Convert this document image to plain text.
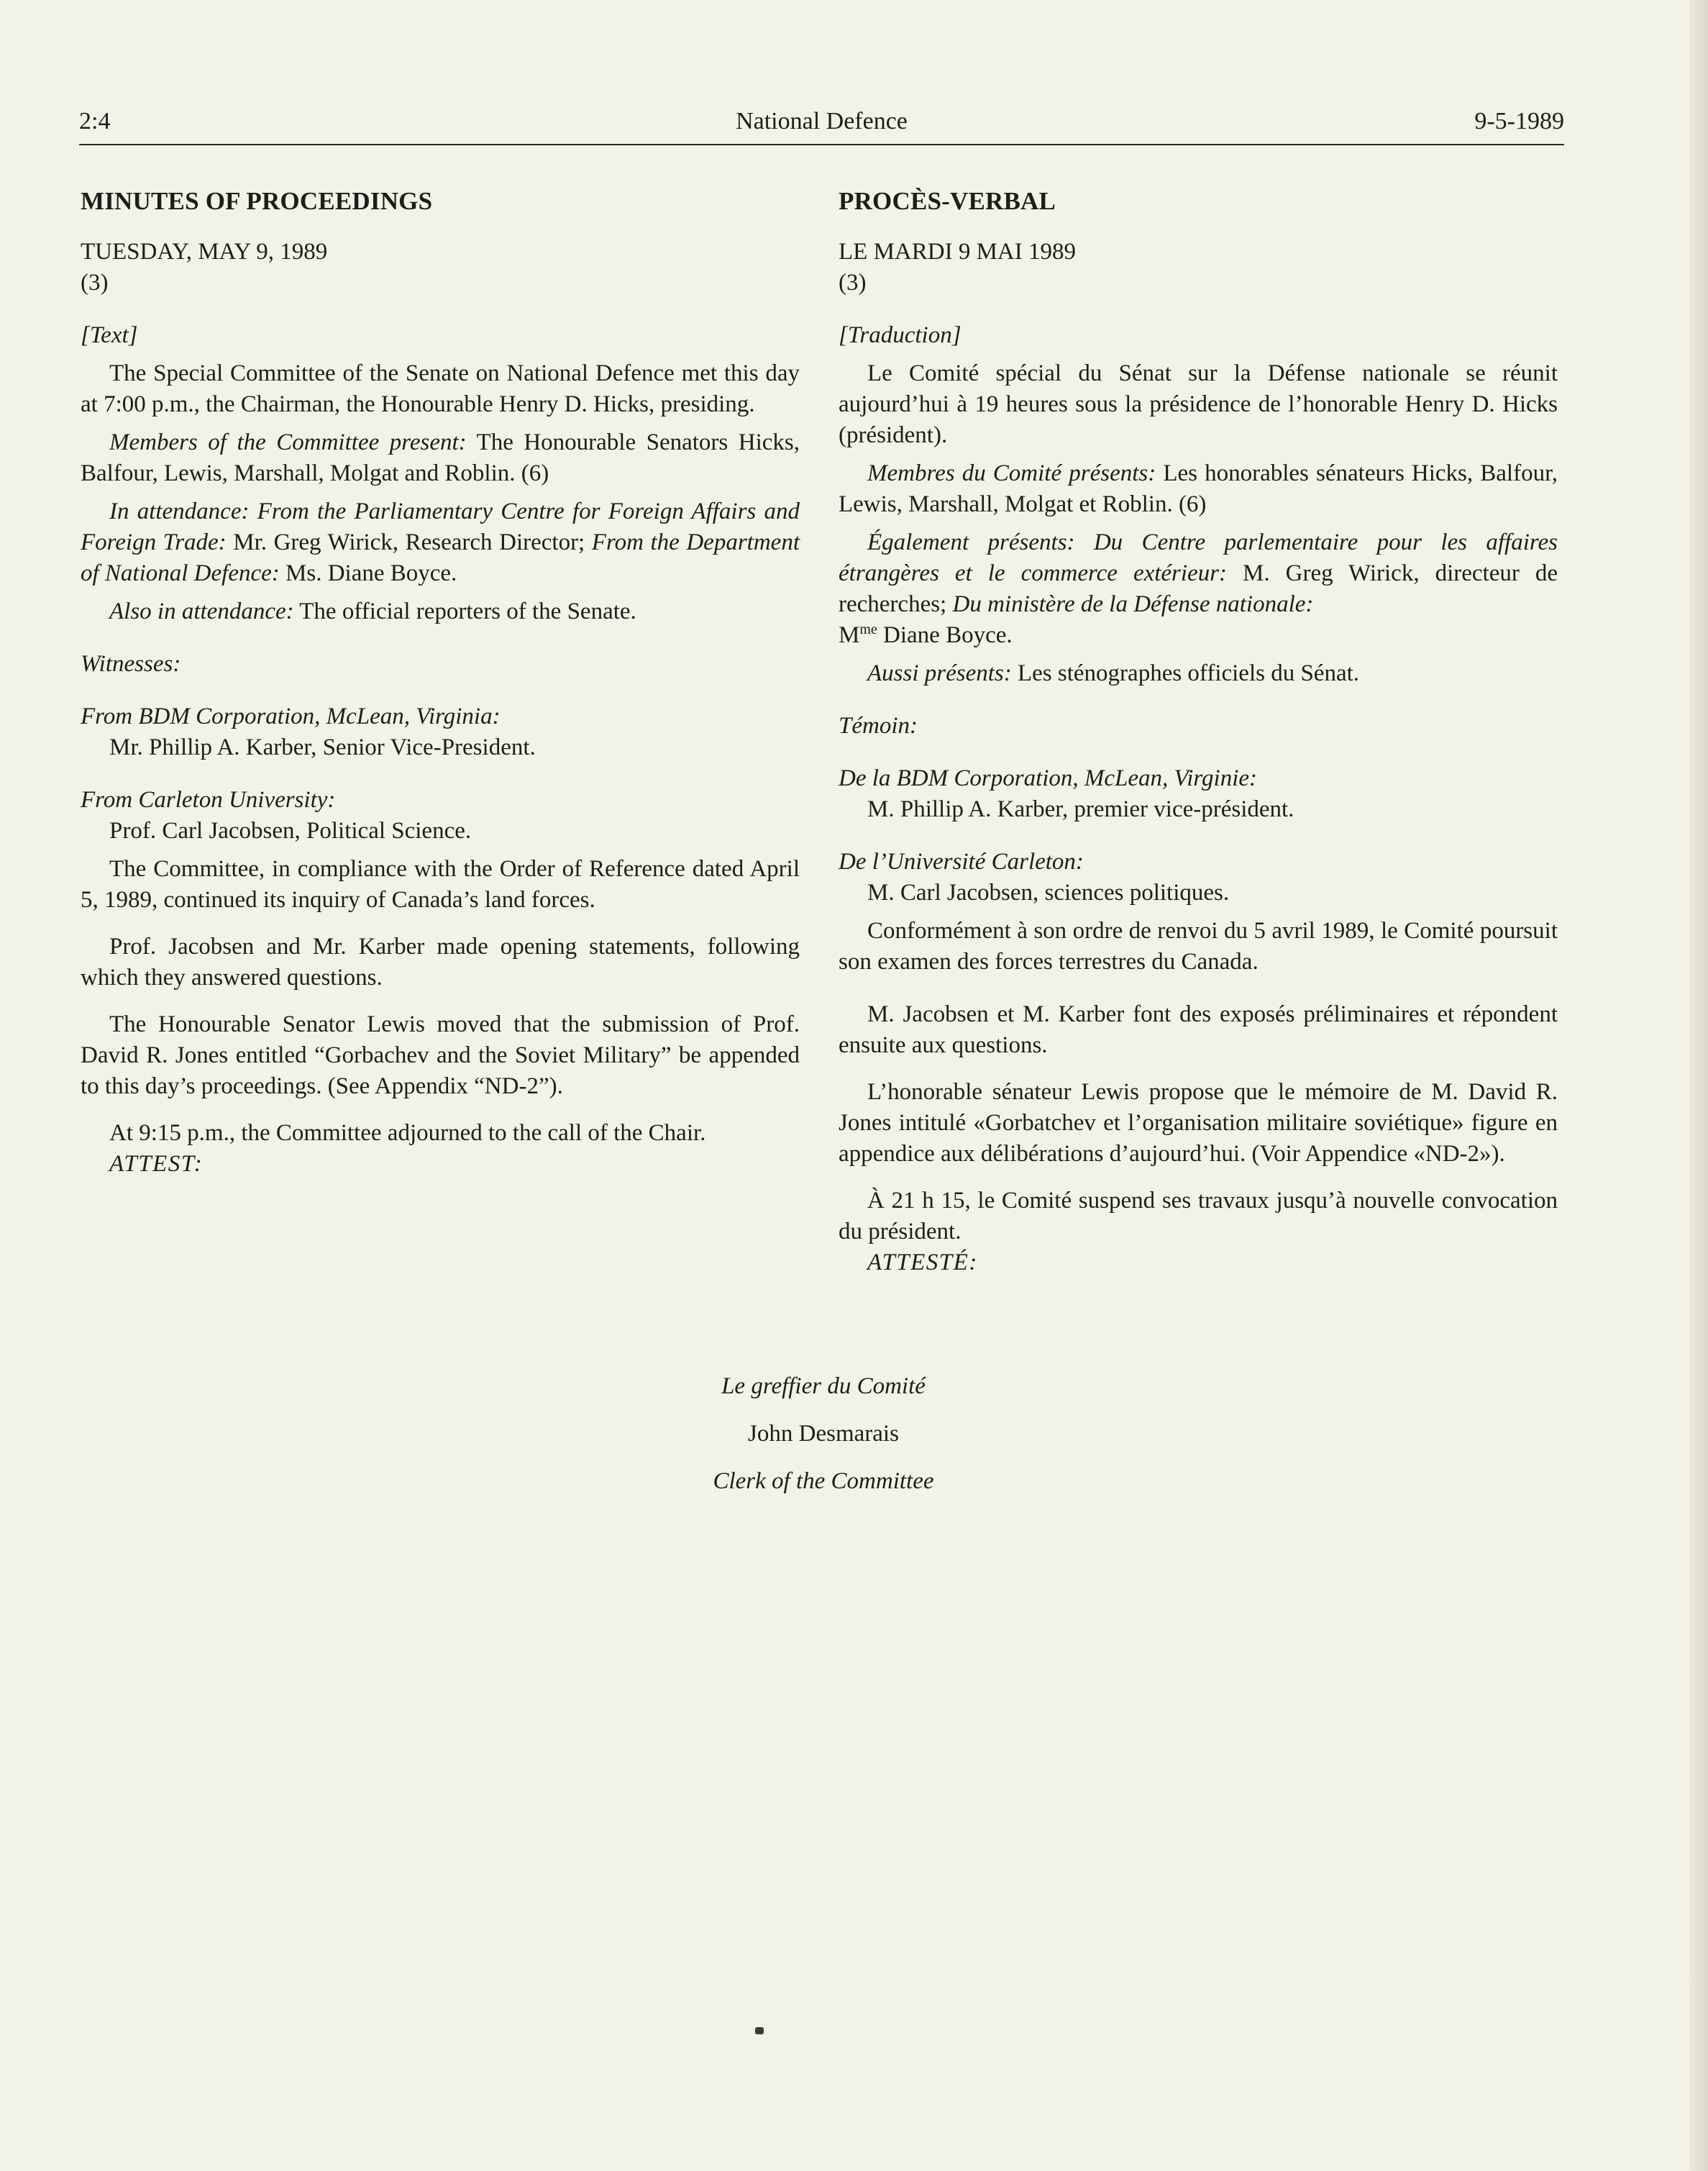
2:4	National Defence	9-5-1989

MINUTES OF PROCEEDINGS

TUESDAY, MAY 9, 1989

(3)

[Text]

The Special Committee of the Senate on National Defence met this day at 7:00 p.m., the Chairman, the Honourable Henry D. Hicks, presiding.

Members of the Committee present: The Honourable Senators Hicks, Balfour, Lewis, Marshall, Molgat and Roblin. (6)

In attendance: From the Parliamentary Centre for Foreign Affairs and Foreign Trade: Mr. Greg Wirick, Research Director; From the Department of National Defence: Ms. Diane Boyce.

Also in attendance: The official reporters of the Senate.

Witnesses:

From BDM Corporation, McLean, Virginia:

Mr. Phillip A. Karber, Senior Vice-President.

From Carleton University:

Prof. Carl Jacobsen, Political Science.

The Committee, in compliance with the Order of Reference dated April 5, 1989, continued its inquiry of Canada’s land forces.

Prof. Jacobsen and Mr. Karber made opening statements, following which they answered questions.

The Honourable Senator Lewis moved that the submission of Prof. David R. Jones entitled “Gorbachev and the Soviet Military” be appended to this day’s proceedings. (See Appendix “ND-2”).

At 9:15 p.m., the Committee adjourned to the call of the Chair.

ATTEST:

PROCÈS-VERBAL

LE MARDI 9 MAI 1989

(3)

[Traduction]

Le Comité spécial du Sénat sur la Défense nationale se réunit aujourd’hui à 19 heures sous la présidence de l’honorable Henry D. Hicks (président).

Membres du Comité présents: Les honorables sénateurs Hicks, Balfour, Lewis, Marshall, Molgat et Roblin. (6)

Également présents: Du Centre parlementaire pour les affaires étrangères et le commerce extérieur: M. Greg Wirick, directeur de recherches; Du ministère de la Défense nationale:
$M^{me}$ Diane Boyce.

Aussi présents: Les sténographes officiels du Sénat.

Témoin:

De la BDM Corporation, McLean, Virginie:

M. Phillip A. Karber, premier vice-président.

De l’Université Carleton:

M. Carl Jacobsen, sciences politiques.

Conformément à son ordre de renvoi du 5 avril 1989, le Comité poursuit son examen des forces terrestres du Canada.

M. Jacobsen et M. Karber font des exposés préliminaires et répondent ensuite aux questions.

L’honorable sénateur Lewis propose que le mémoire de M. David R. Jones intitulé «Gorbatchev et l’organisation militaire soviétique» figure en appendice aux délibérations d’aujourd’hui. (Voir Appendice «ND-2»).

À 21 h 15, le Comité suspend ses travaux jusqu’à nouvelle convocation du président.

ATTESTÉ:

Le greffier du Comité

John Desmarais

Clerk of the Committee
